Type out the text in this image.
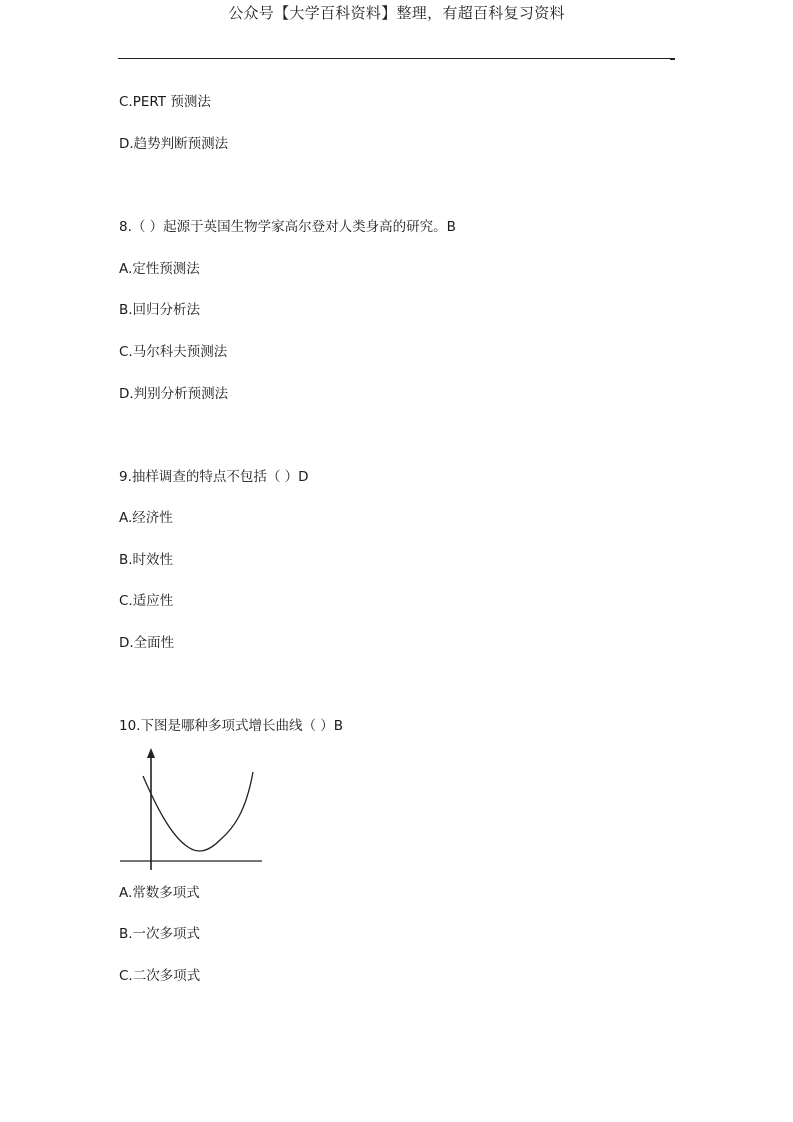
公众号【大学百科资料】整理，有超百科复习资料
C.PERT 预测法
D.趋势判断预测法
8.（ ）起源于英国生物学家高尔登对人类身高的研究。B
A.定性预测法
B.回归分析法
C.马尔科夫预测法
D.判别分析预测法
9.抽样调查的特点不包括（ ）D
A.经济性
B.时效性
C.适应性
D.全面性
10.下图是哪种多项式增长曲线（ ）B
A.常数多项式
B.一次多项式
C.二次多项式
